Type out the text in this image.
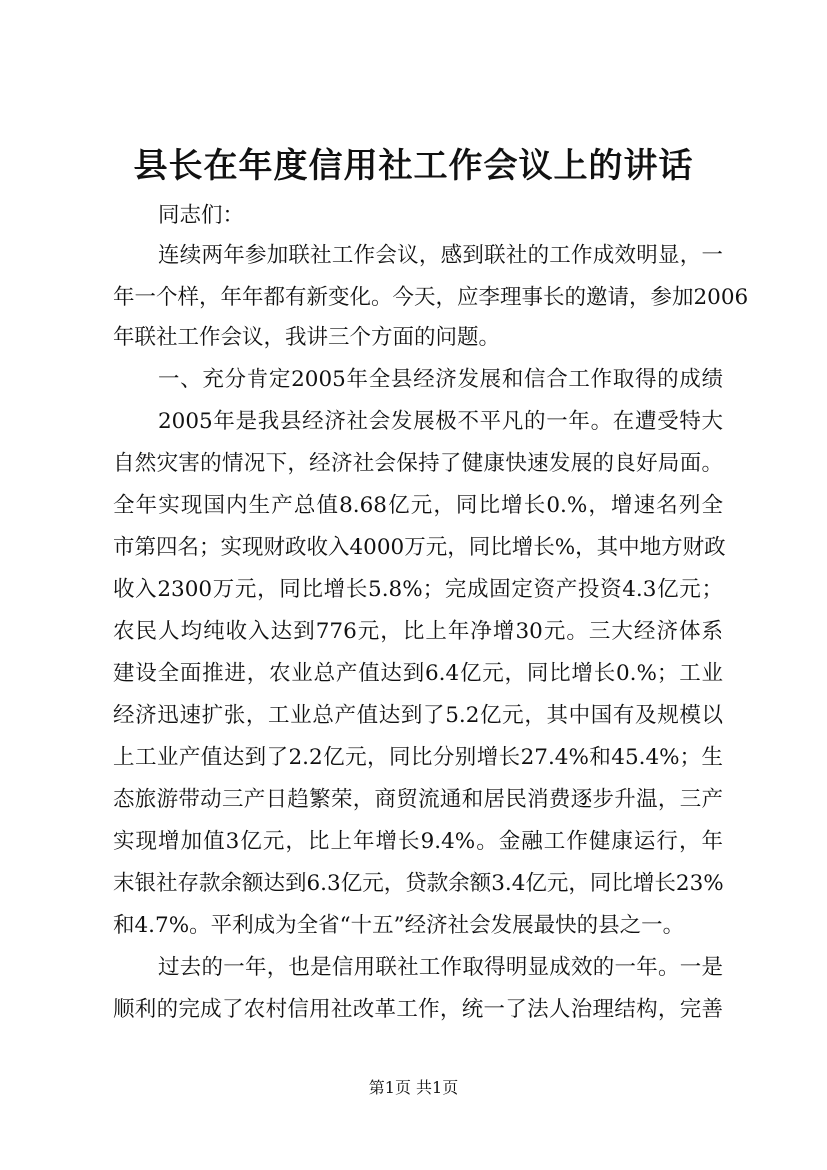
县长在年度信用社工作会议上的讲话

同志们：

连续两年参加联社工作会议，感到联社的工作成效明显，一

年一个样，年年都有新变化。今天，应李理事长的邀请，参加2006

年联社工作会议，我讲三个方面的问题。

一、充分肯定2005年全县经济发展和信合工作取得的成绩

2005年是我县经济社会发展极不平凡的一年。在遭受特大

自然灾害的情况下，经济社会保持了健康快速发展的良好局面。

全年实现国内生产总值8.68亿元，同比增长0.%，增速名列全

市第四名；实现财政收入4000万元，同比增长%，其中地方财政

收入2300万元，同比增长5.8%；完成固定资产投资4.3亿元；

农民人均纯收入达到776元，比上年净增30元。三大经济体系

建设全面推进，农业总产值达到6.4亿元，同比增长0.%；工业

经济迅速扩张，工业总产值达到了5.2亿元，其中国有及规模以

上工业产值达到了2.2亿元，同比分别增长27.4%和45.4%；生

态旅游带动三产日趋繁荣，商贸流通和居民消费逐步升温，三产

实现增加值3亿元，比上年增长9.4%。金融工作健康运行，年

末银社存款余额达到6.3亿元，贷款余额3.4亿元，同比增长23%

和4.7%。平利成为全省“十五”经济社会发展最快的县之一。

过去的一年，也是信用联社工作取得明显成效的一年。一是

顺利的完成了农村信用社改革工作，统一了法人治理结构，完善

第1页 共1页
